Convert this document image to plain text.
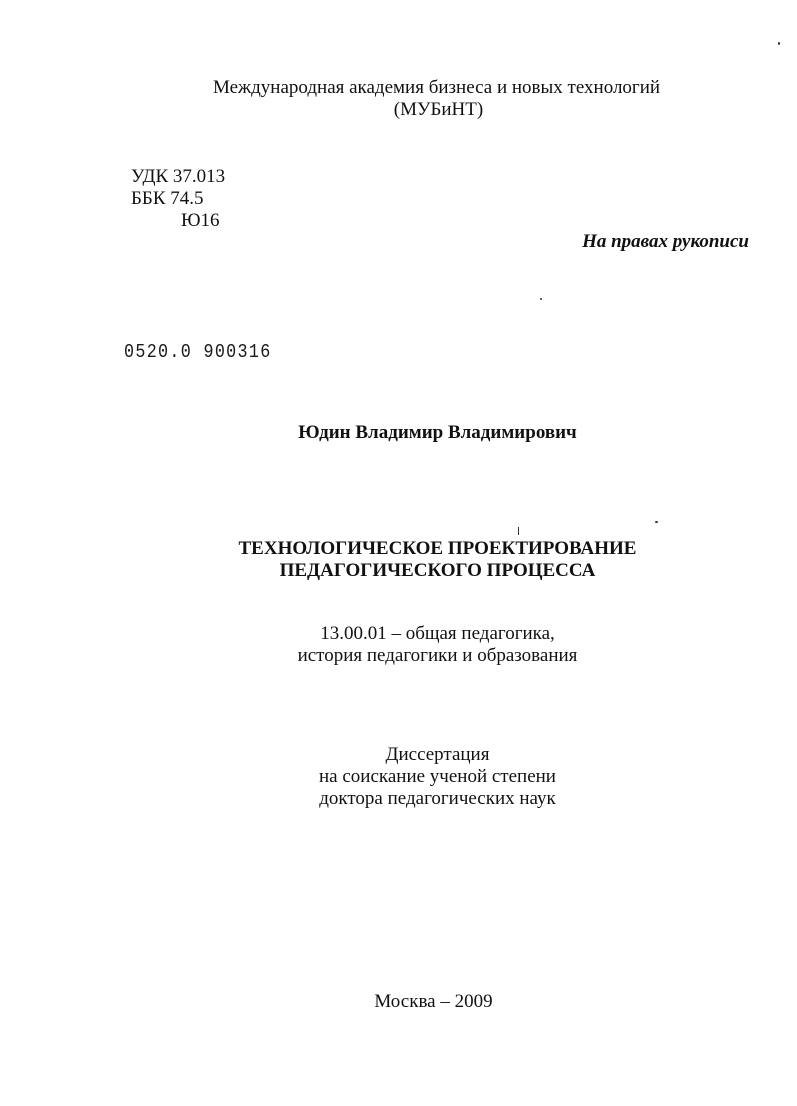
Международная академия бизнеса и новых технологий
(МУБиНТ)
УДК 37.013
ББК 74.5
Ю16
На правах рукописи
0520.0 900316
Юдин Владимир Владимирович
ТЕХНОЛОГИЧЕСКОЕ ПРОЕКТИРОВАНИЕ
ПЕДАГОГИЧЕСКОГО ПРОЦЕССА
13.00.01 – общая педагогика,
история педагогики и образования
Диссертация
на соискание ученой степени
доктора педагогических наук
Москва – 2009
